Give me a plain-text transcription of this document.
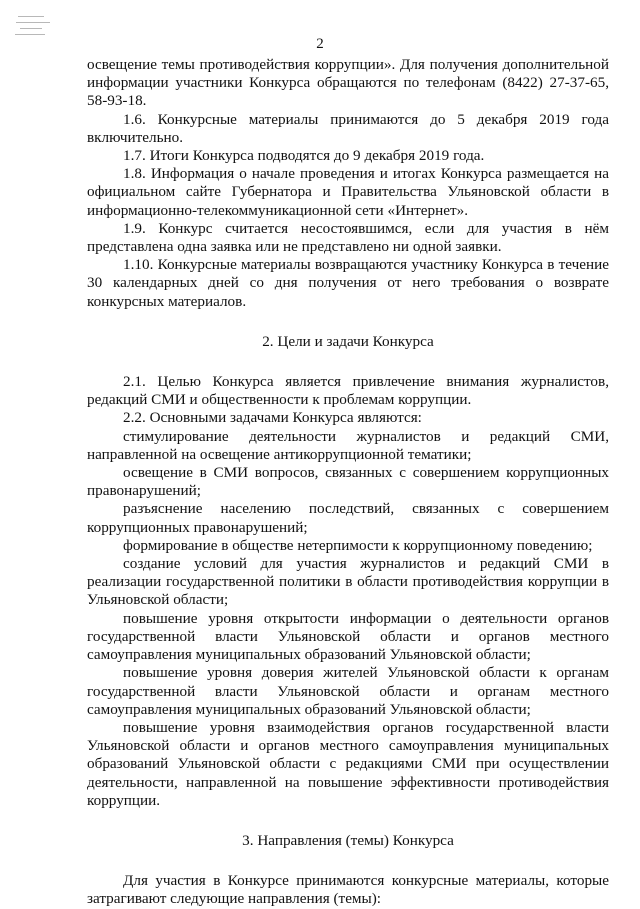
2

освещение темы противодействия коррупции». Для получения дополнительной информации участники Конкурса обращаются по телефонам (8422) 27-37-65, 58-93-18.

1.6. Конкурсные материалы принимаются до 5 декабря 2019 года включительно.

1.7. Итоги Конкурса подводятся до 9 декабря 2019 года.

1.8. Информация о начале проведения и итогах Конкурса размещается на официальном сайте Губернатора и Правительства Ульяновской области в информационно-телекоммуникационной сети «Интернет».

1.9. Конкурс считается несостоявшимся, если для участия в нём представлена одна заявка или не представлено ни одной заявки.

1.10. Конкурсные материалы возвращаются участнику Конкурса в течение 30 календарных дней со дня получения от него требования о возврате конкурсных материалов.

2. Цели и задачи Конкурса

2.1. Целью Конкурса является привлечение внимания журналистов, редакций СМИ и общественности к проблемам коррупции.

2.2. Основными задачами Конкурса являются:

стимулирование деятельности журналистов и редакций СМИ, направленной на освещение антикоррупционной тематики;

освещение в СМИ вопросов, связанных с совершением коррупционных правонарушений;

разъяснение населению последствий, связанных с совершением коррупционных правонарушений;

формирование в обществе нетерпимости к коррупционному поведению;

создание условий для участия журналистов и редакций СМИ в реализации государственной политики в области противодействия коррупции в Ульяновской области;

повышение уровня открытости информации о деятельности органов государственной власти Ульяновской области и органов местного самоуправления муниципальных образований Ульяновской области;

повышение уровня доверия жителей Ульяновской области к органам государственной власти Ульяновской области и органам местного самоуправления муниципальных образований Ульяновской области;

повышение уровня взаимодействия органов государственной власти Ульяновской области и органов местного самоуправления муниципальных образований Ульяновской области с редакциями СМИ при осуществлении деятельности, направленной на повышение эффективности противодействия коррупции.

3. Направления (темы) Конкурса

Для участия в Конкурсе принимаются конкурсные материалы, которые затрагивают следующие направления (темы):
